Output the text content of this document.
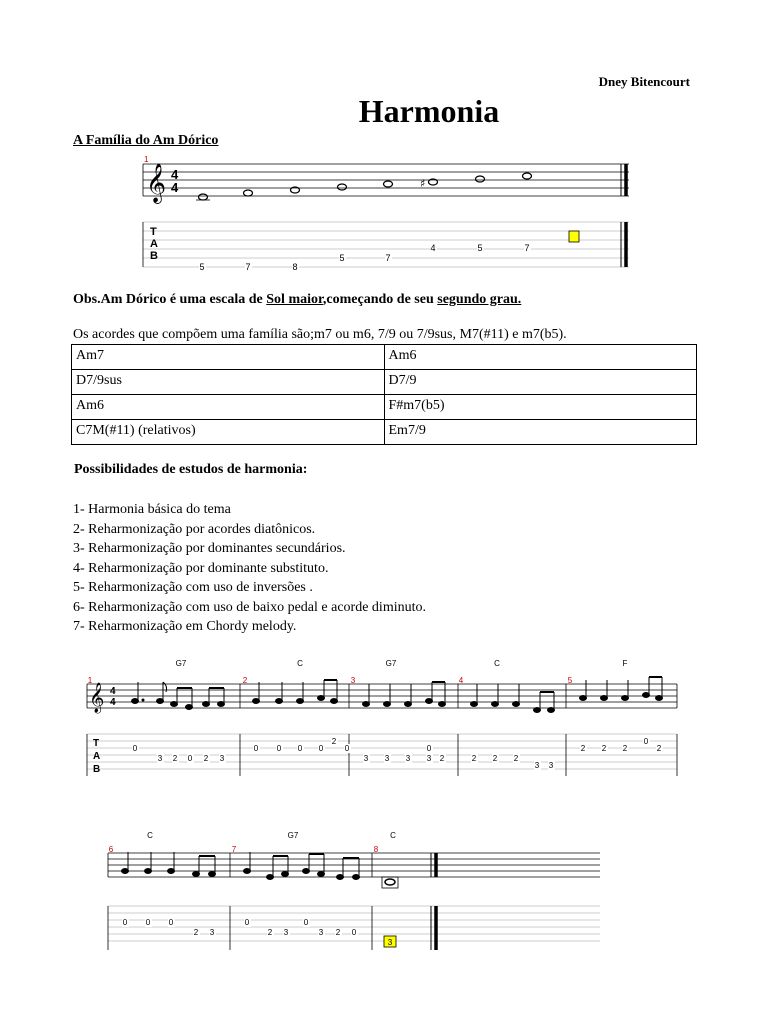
Dney Bitencourt
Harmonia
A Família do Am Dórico
1
𝄞 4
4	♯
T
A
B
5	7	8
5	7
4	5	7
G7	C	G7	C	F
1	2	3	4	5
𝄞 4
4
T
A
B
0
3 2 0 2 3
0 0 0 0
2
0
3 3
0
3	2
3	2 2 2
3 3
2 2 2
0
2
C	G7	C
6	7	8
0 0 0
2 3
0
2 3
0
3 2 0
3
Obs.Am Dórico é uma escala de Sol maior,começando de seu segundo grau.
Os acordes que compõem uma família são;m7 ou m6, 7/9 ou 7/9sus, M7(#11) e m7(b5).
Am7	Am6
D7/9sus	D7/9
Am6	F#m7(b5)
C7M(#11) (relativos)	Em7/9
Possibilidades de estudos de harmonia:
1- Harmonia básica do tema
2- Reharmonização por acordes diatônicos.
3- Reharmonização por dominantes secundários.
4- Reharmonização por dominante substituto.
5- Reharmonização com uso de inversões .
6- Reharmonização com uso de baixo pedal e acorde diminuto.
7- Reharmonização em Chordy melody.
